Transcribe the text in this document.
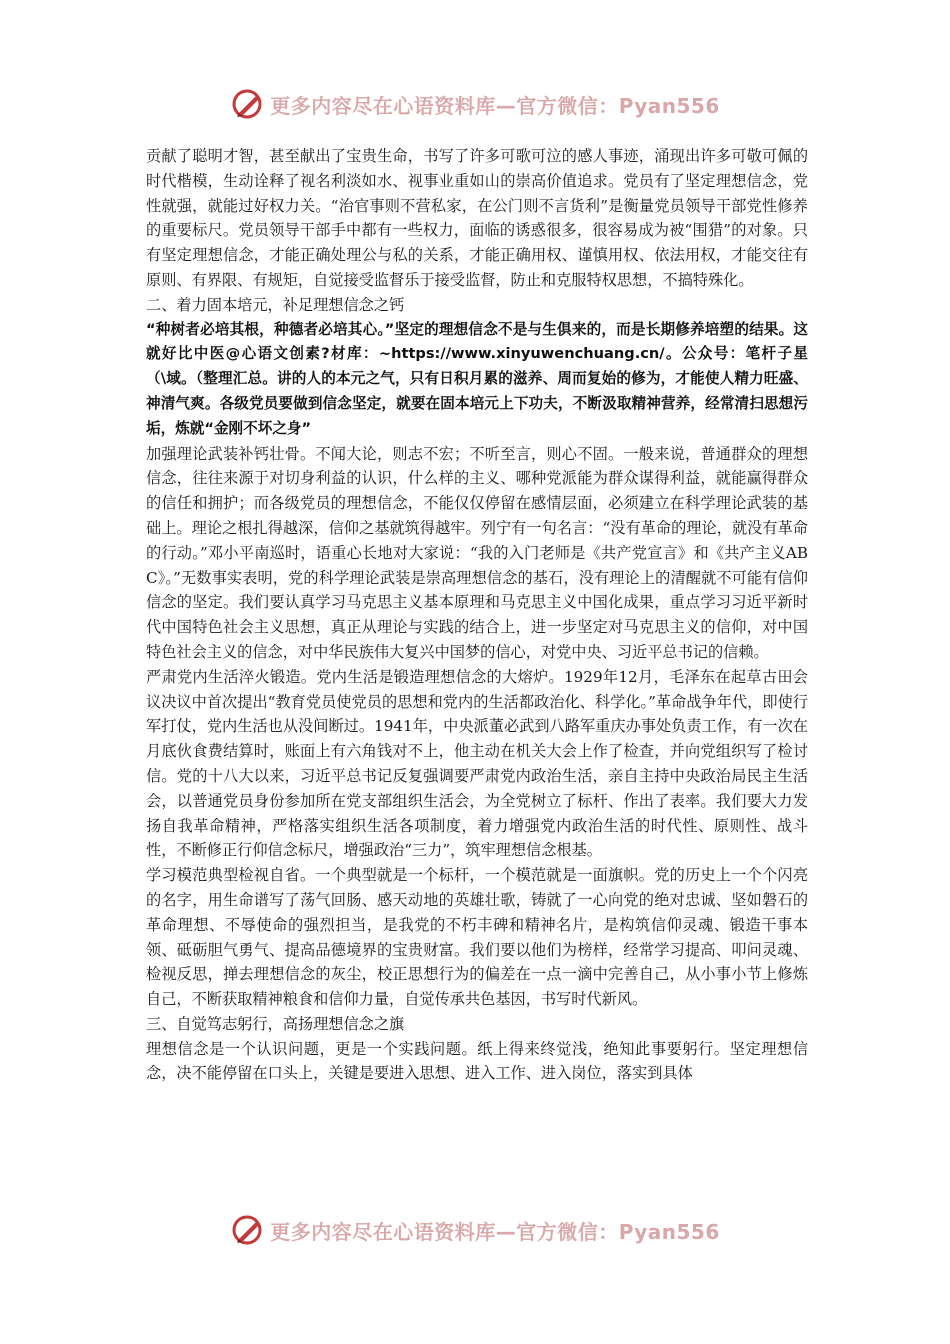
更多内容尽在心语资料库—官方微信：Pyan556

贡献了聪明才智，甚至献出了宝贵生命，书写了许多可歌可泣的感人事迹，涌现出许多可敬可佩的时代楷模，生动诠释了视名利淡如水、视事业重如山的崇高价值追求。党员有了坚定理想信念，党性就强，就能过好权力关。“治官事则不营私家，在公门则不言货利”是衡量党员领导干部党性修养的重要标尺。党员领导干部手中都有一些权力，面临的诱惑很多，很容易成为被“围猎”的对象。只有坚定理想信念，才能正确处理公与私的关系，才能正确用权、谨慎用权、依法用权，才能交往有原则、有界限、有规矩，自觉接受监督乐于接受监督，防止和克服特权思想，不搞特殊化。

二、着力固本培元，补足理想信念之钙

“种树者必培其根，种德者必培其心。”坚定的理想信念不是与生俱来的，而是长期修养培塑的结果。这就好比中医@心语文创素?材库：~https://www.xinyuwenchuang.cn/。公众号：笔杆子星（\域。（整理汇总。讲的人的本元之气，只有日积月累的滋养、周而复始的修为，才能使人精力旺盛、神清气爽。各级党员要做到信念坚定，就要在固本培元上下功夫，不断汲取精神营养，经常清扫思想污垢，炼就“金刚不坏之身”

加强理论武装补钙壮骨。不闻大论，则志不宏；不听至言，则心不固。一般来说，普通群众的理想信念，往往来源于对切身利益的认识，什么样的主义、哪种党派能为群众谋得利益，就能赢得群众的信任和拥护；而各级党员的理想信念，不能仅仅停留在感情层面，必须建立在科学理论武装的基础上。理论之根扎得越深，信仰之基就筑得越牢。列宁有一句名言：“没有革命的理论，就没有革命的行动。”邓小平南巡时，语重心长地对大家说：“我的入门老师是《共产党宣言》和《共产主义ABC》。”无数事实表明，党的科学理论武装是崇高理想信念的基石，没有理论上的清醒就不可能有信仰信念的坚定。我们要认真学习马克思主义基本原理和马克思主义中国化成果，重点学习习近平新时代中国特色社会主义思想，真正从理论与实践的结合上，进一步坚定对马克思主义的信仰，对中国特色社会主义的信念，对中华民族伟大复兴中国梦的信心，对党中央、习近平总书记的信赖。

严肃党内生活淬火锻造。党内生活是锻造理想信念的大熔炉。1929年12月，毛泽东在起草古田会议决议中首次提出“教育党员使党员的思想和党内的生活都政治化、科学化。”革命战争年代，即使行军打仗，党内生活也从没间断过。1941年，中央派董必武到八路军重庆办事处负责工作，有一次在月底伙食费结算时，账面上有六角钱对不上，他主动在机关大会上作了检查，并向党组织写了检讨信。党的十八大以来，习近平总书记反复强调要严肃党内政治生活，亲自主持中央政治局民主生活会，以普通党员身份参加所在党支部组织生活会，为全党树立了标杆、作出了表率。我们要大力发扬自我革命精神，严格落实组织生活各项制度，着力增强党内政治生活的时代性、原则性、战斗性，不断修正行仰信念标尺，增强政治“三力”，筑牢理想信念根基。

学习模范典型检视自省。一个典型就是一个标杆，一个模范就是一面旗帜。党的历史上一个个闪亮的名字，用生命谱写了荡气回肠、感天动地的英雄壮歌，铸就了一心向党的绝对忠诚、坚如磐石的革命理想、不辱使命的强烈担当，是我党的不朽丰碑和精神名片，是构筑信仰灵魂、锻造干事本领、砥砺胆气勇气、提高品德境界的宝贵财富。我们要以他们为榜样，经常学习提高、叩问灵魂、检视反思，掸去理想信念的灰尘，校正思想行为的偏差在一点一滴中完善自己，从小事小节上修炼自己，不断获取精神粮食和信仰力量，自觉传承共色基因，书写时代新风。

三、自觉笃志躬行，高扬理想信念之旗

理想信念是一个认识问题，更是一个实践问题。纸上得来终觉浅，绝知此事要躬行。坚定理想信念，决不能停留在口头上，关键是要进入思想、进入工作、进入岗位，落实到具体

更多内容尽在心语资料库—官方微信：Pyan556
